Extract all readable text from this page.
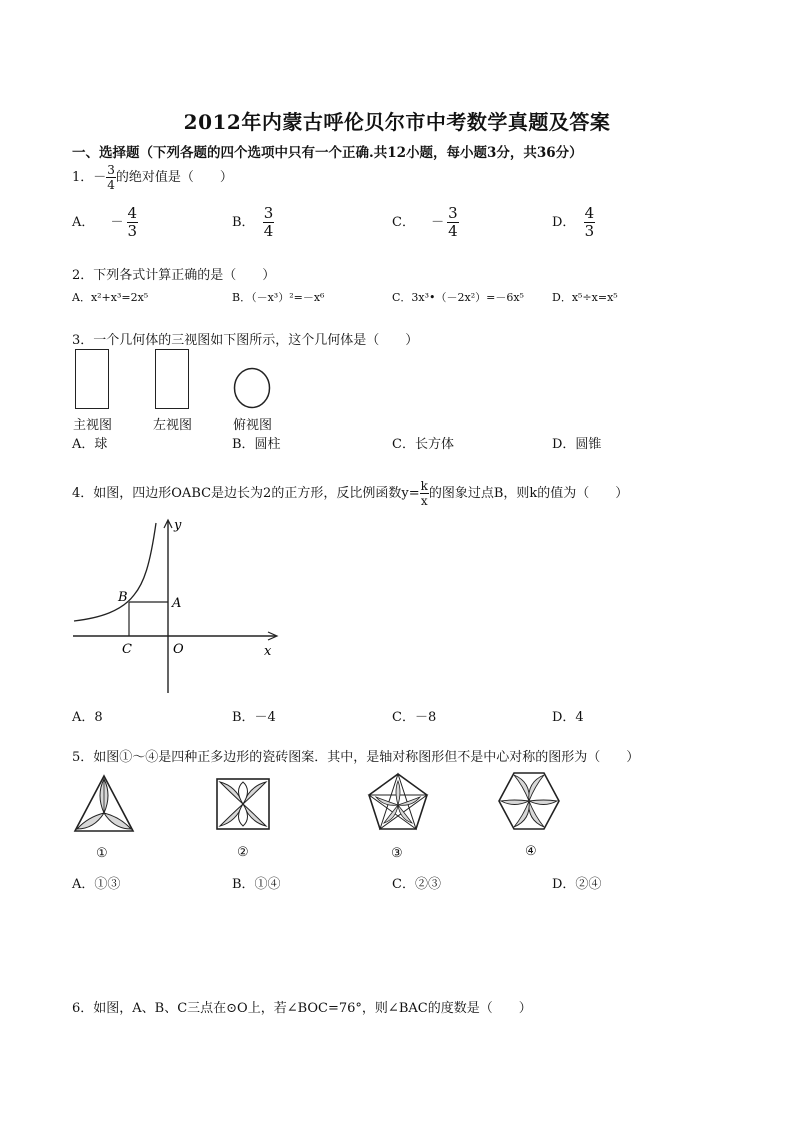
2012年内蒙古呼伦贝尔市中考数学真题及答案
一、选择题（下列各题的四个选项中只有一个正确.共12小题，每小题3分，共36分）
1．－ $\frac{3}{4}$ 的绝对值是（　　）
A． － $\frac{4}{3}$	B． $\frac{3}{4}$	C． － $\frac{3}{4}$	D． $\frac{4}{3}$
2．下列各式计算正确的是（　　）
A．x²+x³=2x⁵	B．（－x³）²=－x⁶	C．3x³•（－2x²）=－6x⁵	D．x⁵÷x=x⁵
3．一个几何体的三视图如下图所示，这个几何体是（　　）
主视图	左视图	俯视图
A．球	B．圆柱	C．长方体	D．圆锥
4．如图，四边形OABC是边长为2的正方形，反比例函数$y= \frac{k}{x}$ 的图象过点B，则k的值为（　　）
y
x
B	A
C	O
A．8	B．－4	C．－8	D．4
5．如图①～④是四种正多边形的瓷砖图案．其中，是轴对称图形但不是中心对称的图形为（　　）
①	②	③	④
A．①③	B．①④	C．②③	D．②④
6．如图，A、B、C三点在⊙O上，若∠BOC=76°，则∠BAC的度数是（　　）
